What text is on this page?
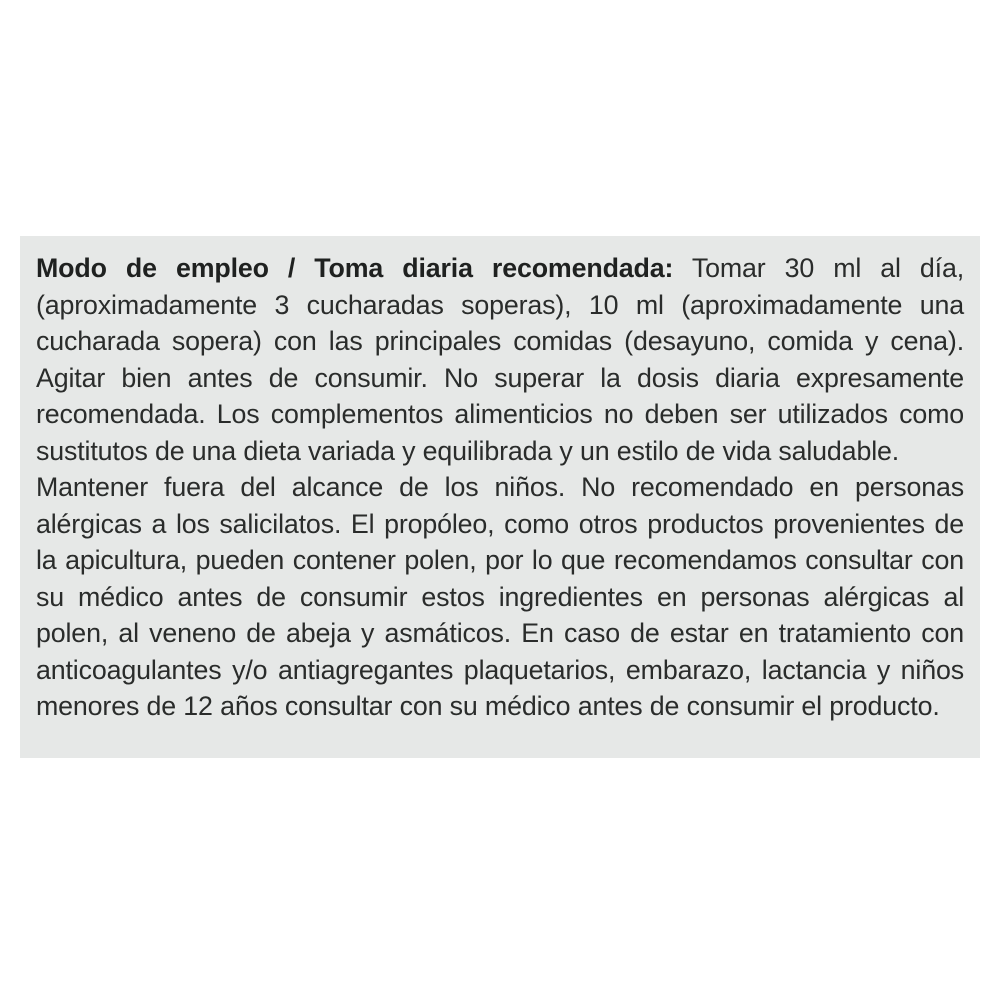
Modo de empleo / Toma diaria recomendada: Tomar 30 ml al día, (aproximadamente 3 cucharadas soperas), 10 ml (aproximadamente una cucharada sopera) con las principales comidas (desayuno, comida y cena). Agitar bien antes de consumir. No superar la dosis diaria expresamente recomendada. Los complementos alimenticios no deben ser utilizados como sustitutos de una dieta variada y equilibrada y un estilo de vida saludable.

Mantener fuera del alcance de los niños. No recomendado en personas alérgicas a los salicilatos. El propóleo, como otros productos provenientes de la apicultura, pueden contener polen, por lo que recomendamos consultar con su médico antes de consumir estos ingredientes en personas alérgicas al polen, al veneno de abeja y asmáticos. En caso de estar en tratamiento con anticoagulantes y/o antiagregantes plaquetarios, embarazo, lactancia y niños menores de 12 años consultar con su médico antes de consumir el producto.
